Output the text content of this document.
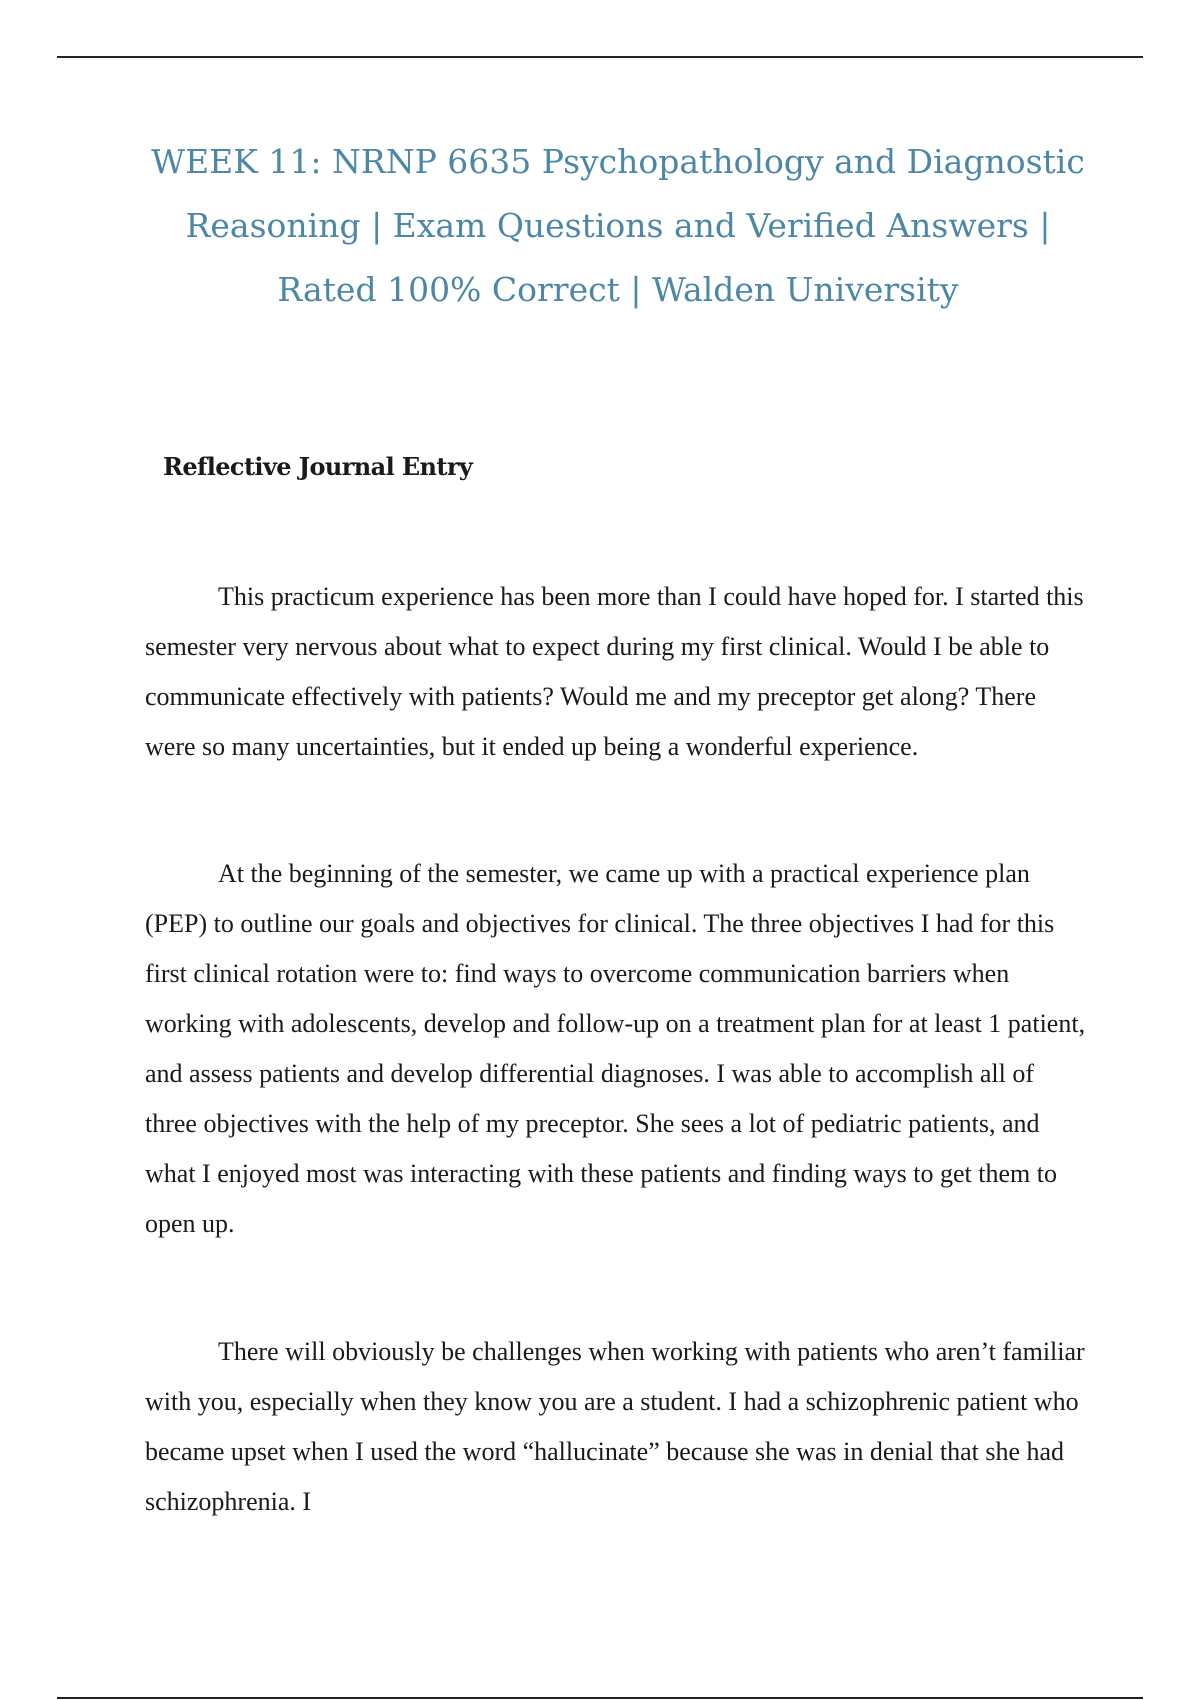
WEEK 11: NRNP 6635 Psychopathology and Diagnostic Reasoning | Exam Questions and Verified Answers | Rated 100% Correct | Walden University
Reflective Journal Entry

This practicum experience has been more than I could have hoped for. I started this semester very nervous about what to expect during my first clinical. Would I be able to communicate effectively with patients? Would me and my preceptor get along? There were so many uncertainties, but it ended up being a wonderful experience.

At the beginning of the semester, we came up with a practical experience plan (PEP) to outline our goals and objectives for clinical. The three objectives I had for this first clinical rotation were to: find ways to overcome communication barriers when working with adolescents, develop and follow-up on a treatment plan for at least 1 patient, and assess patients and develop differential diagnoses. I was able to accomplish all of three objectives with the help of my preceptor. She sees a lot of pediatric patients, and what I enjoyed most was interacting with these patients and finding ways to get them to open up.

There will obviously be challenges when working with patients who aren’t familiar with you, especially when they know you are a student. I had a schizophrenic patient who became upset when I used the word “hallucinate” because she was in denial that she had schizophrenia. I
